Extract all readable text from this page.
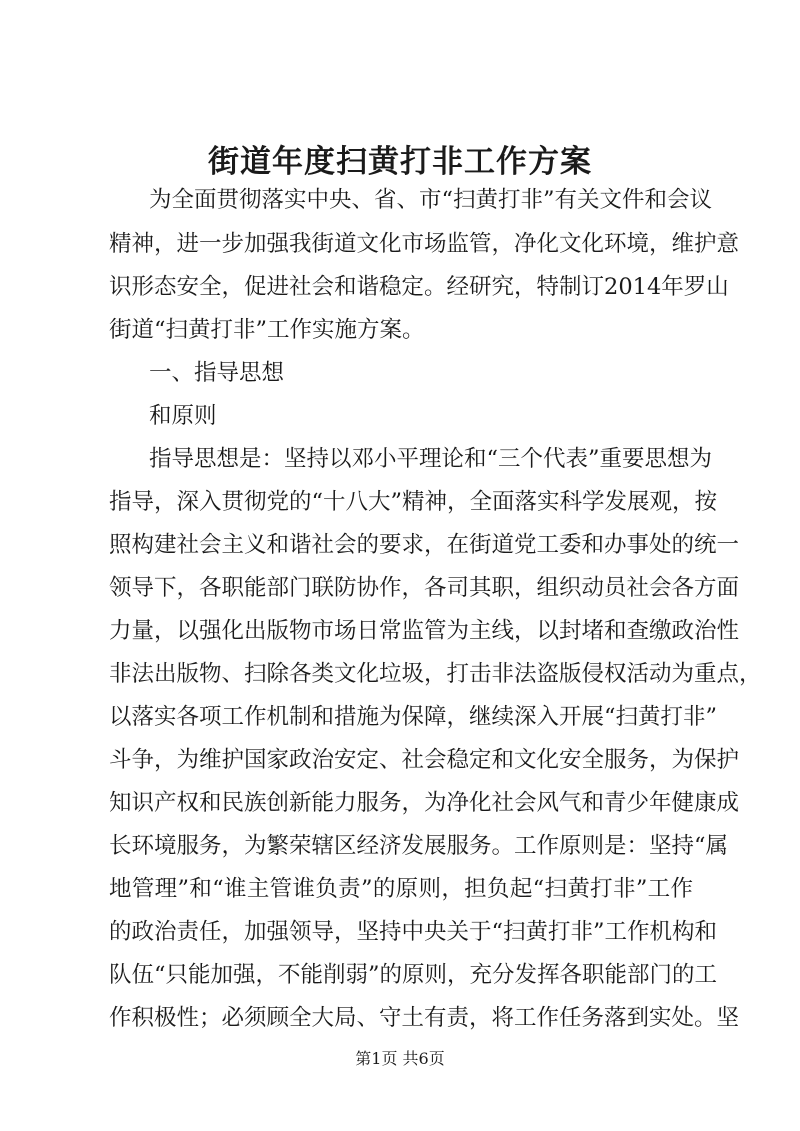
街道年度扫黄打非工作方案
为全面贯彻落实中央、省、市“扫黄打非”有关文件和会议
精神，进一步加强我街道文化市场监管，净化文化环境，维护意
识形态安全，促进社会和谐稳定。经研究，特制订2014年罗山
街道“扫黄打非”工作实施方案。
一、指导思想
和原则
指导思想是：坚持以邓小平理论和“三个代表”重要思想为
指导，深入贯彻党的“十八大”精神，全面落实科学发展观，按
照构建社会主义和谐社会的要求，在街道党工委和办事处的统一
领导下，各职能部门联防协作，各司其职，组织动员社会各方面
力量，以强化出版物市场日常监管为主线，以封堵和查缴政治性
非法出版物、扫除各类文化垃圾，打击非法盗版侵权活动为重点，
以落实各项工作机制和措施为保障，继续深入开展“扫黄打非”
斗争，为维护国家政治安定、社会稳定和文化安全服务，为保护
知识产权和民族创新能力服务，为净化社会风气和青少年健康成
长环境服务，为繁荣辖区经济发展服务。工作原则是：坚持“属
地管理”和“谁主管谁负责”的原则，担负起“扫黄打非”工作
的政治责任，加强领导，坚持中央关于“扫黄打非”工作机构和
队伍“只能加强，不能削弱”的原则，充分发挥各职能部门的工
作积极性；必须顾全大局、守土有责，将工作任务落到实处。坚
第1页 共6页
